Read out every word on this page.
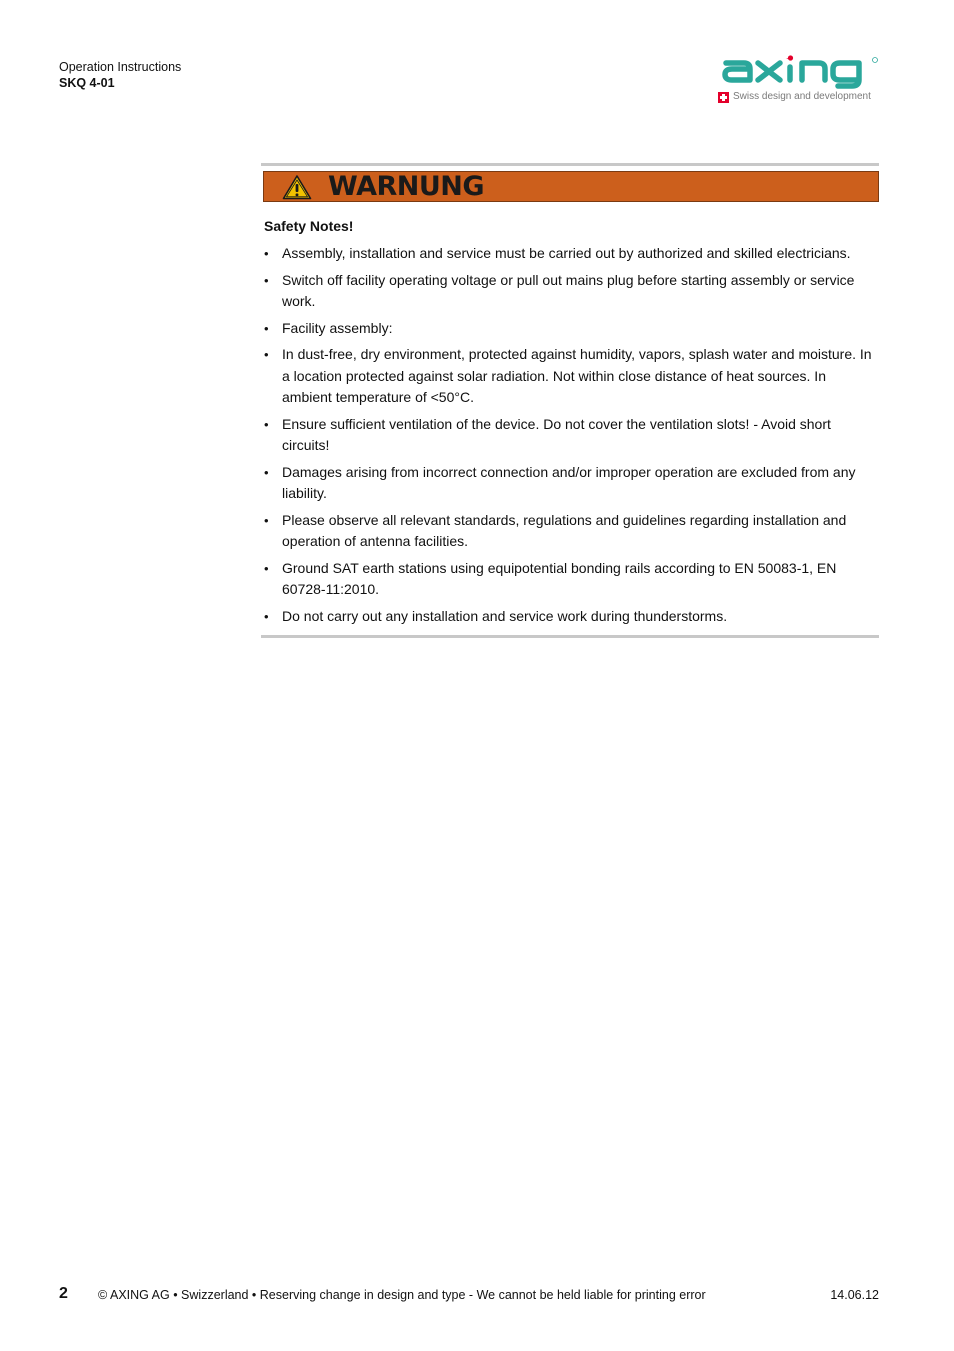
Operation Instructions
SKQ 4-01
Swiss design and development
WARNUNG
Safety Notes!
• Assembly, installation and service must be carried out by authorized and skilled electricians.
• Switch off facility operating voltage or pull out mains plug before starting assembly or service work.
• Facility assembly:
• In dust-free, dry environment, protected against humidity, vapors, splash water and moisture. In a location protected against solar radiation. Not within close distance of heat sources. In ambient temperature of <50°C.
• Ensure sufficient ventilation of the device. Do not cover the ventilation slots! - Avoid short circuits!
• Damages arising from incorrect connection and/or improper operation are excluded from any liability.
• Please observe all relevant standards, regulations and guidelines regarding installation and operation of antenna facilities.
• Ground SAT earth stations using equipotential bonding rails according to EN 50083-1, EN 60728-11:2010.
• Do not carry out any installation and service work during thunderstorms.
2 © AXING AG • Swizzerland • Reserving change in design and type - We cannot be held liable for printing error	14.06.12
